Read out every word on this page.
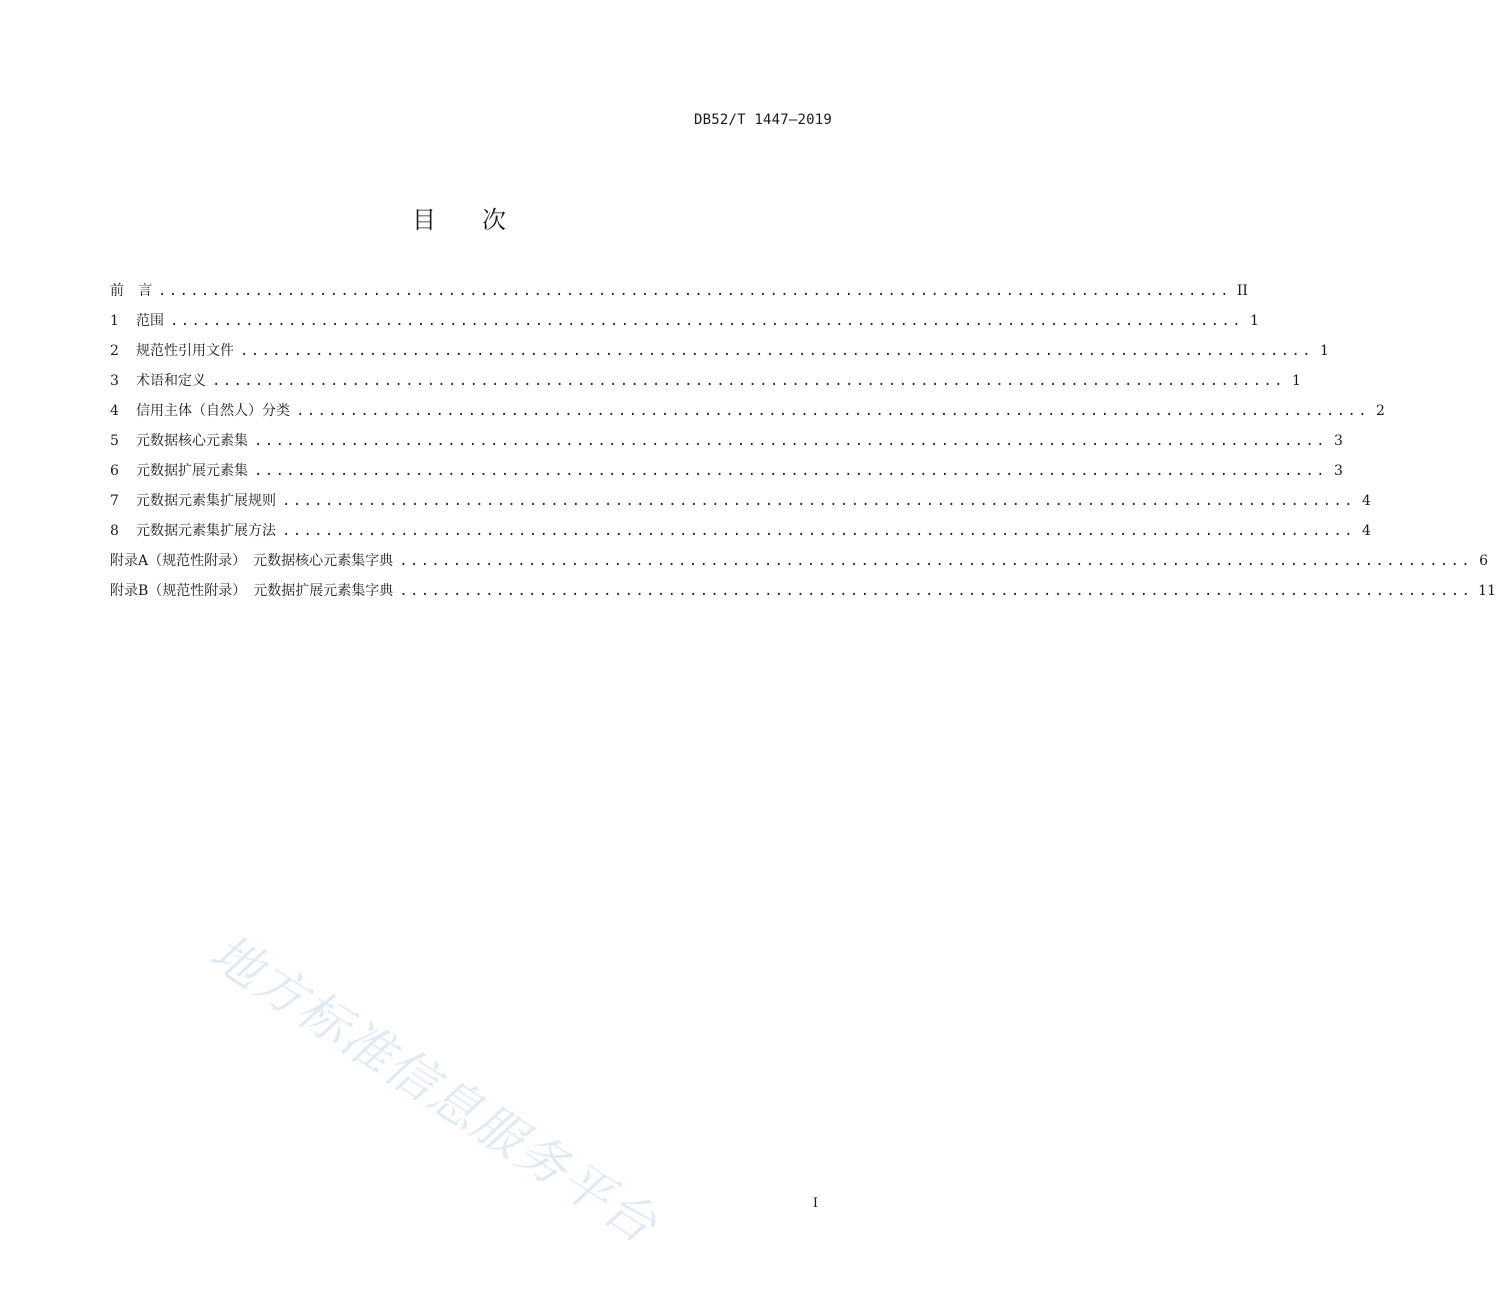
DB52/T 1447—2019
目 次
前　言 .................................................................................................... II
1	范围 .................................................................................................... 1
2	规范性引用文件 .................................................................................................... 1
3	术语和定义 .................................................................................................... 1
4	信用主体（自然人）分类 .................................................................................................... 2
5	元数据核心元素集 .................................................................................................... 3
6	元数据扩展元素集 .................................................................................................... 3
7	元数据元素集扩展规则 .................................................................................................... 4
8	元数据元素集扩展方法 .................................................................................................... 4
附录A（规范性附录）　元数据核心元素集字典 .................................................................................................... 6
附录B（规范性附录）　元数据扩展元素集字典 .................................................................................................... 11
地方标准信息服务平台	I
